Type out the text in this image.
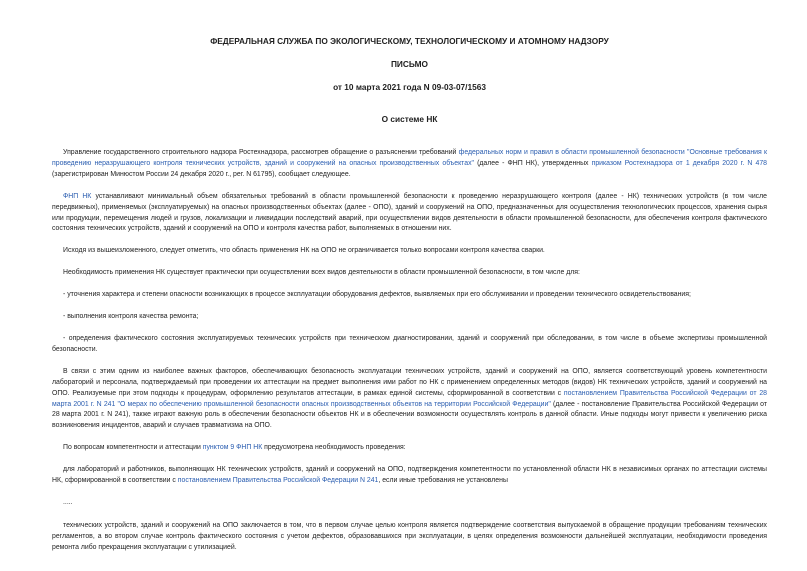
ФЕДЕРАЛЬНАЯ СЛУЖБА ПО ЭКОЛОГИЧЕСКОМУ, ТЕХНОЛОГИЧЕСКОМУ И АТОМНОМУ НАДЗОРУ
ПИСЬМО
от 10 марта 2021 года N 09-03-07/1563
О системе НК

Управление государственного строительного надзора Ростехнадзора, рассмотрев обращение о разъяснении требований федеральных норм и правил в области промышленной безопасности "Основные требования к проведению неразрушающего контроля технических устройств, зданий и сооружений на опасных производственных объектах" (далее - ФНП НК), утвержденных приказом Ростехнадзора от 1 декабря 2020 г. N 478 (зарегистрирован Минюстом России 24 декабря 2020 г., рег. N 61795), сообщает следующее.

ФНП НК устанавливают минимальный объем обязательных требований в области промышленной безопасности к проведению неразрушающего контроля (далее - НК) технических устройств (в том числе передвижных), применяемых (эксплуатируемых) на опасных производственных объектах (далее - ОПО), зданий и сооружений на ОПО, предназначенных для осуществления технологических процессов, хранения сырья или продукции, перемещения людей и грузов, локализации и ликвидации последствий аварий, при осуществлении видов деятельности в области промышленной безопасности, для обеспечения контроля фактического состояния технических устройств, зданий и сооружений на ОПО и контроля качества работ, выполняемых в отношении них.

Исходя из вышеизложенного, следует отметить, что область применения НК на ОПО не ограничивается только вопросами контроля качества сварки.

Необходимость применения НК существует практически при осуществлении всех видов деятельности в области промышленной безопасности, в том числе для:

- уточнения характера и степени опасности возникающих в процессе эксплуатации оборудования дефектов, выявляемых при его обслуживании и проведении технического освидетельствования;

- выполнения контроля качества ремонта;

- определения фактического состояния эксплуатируемых технических устройств при техническом диагностировании, зданий и сооружений при обследовании, в том числе в объеме экспертизы промышленной безопасности.

В связи с этим одним из наиболее важных факторов, обеспечивающих безопасность эксплуатации технических устройств, зданий и сооружений на ОПО, является соответствующий уровень компетентности лабораторий и персонала, подтверждаемый при проведении их аттестации на предмет выполнения ими работ по НК с применением определенных методов (видов) НК технических устройств, зданий и сооружений на ОПО. Реализуемые при этом подходы к процедурам, оформлению результатов аттестации, в рамках единой системы, сформированной в соответствии с постановлением Правительства Российской Федерации от 28 марта 2001 г. N 241 "О мерах по обеспечению промышленной безопасности опасных производственных объектов на территории Российской Федерации" (далее - постановление Правительства Российской Федерации от 28 марта 2001 г. N 241), также играют важную роль в обеспечении безопасности объектов НК и в обеспечении возможности осуществлять контроль в данной области. Иные подходы могут привести к увеличению риска возникновения инцидентов, аварий и случаев травматизма на ОПО.

По вопросам компетентности и аттестации пунктом 9 ФНП НК предусмотрена необходимость проведения:

для лабораторий и работников, выполняющих НК технических устройств, зданий и сооружений на ОПО, подтверждения компетентности по установленной области НК в независимых органах по аттестации системы НК, сформированной в соответствии с постановлением Правительства Российской Федерации N 241, если иные требования не установлены

.....

технических устройств, зданий и сооружений на ОПО заключается в том, что в первом случае целью контроля является подтверждение соответствия выпускаемой в обращение продукции требованиям технических регламентов, а во втором случае контроль фактического состояния с учетом дефектов, образовавшихся при эксплуатации, в целях определения возможности дальнейшей эксплуатации, необходимости проведения ремонта либо прекращения эксплуатации с утилизацией.
